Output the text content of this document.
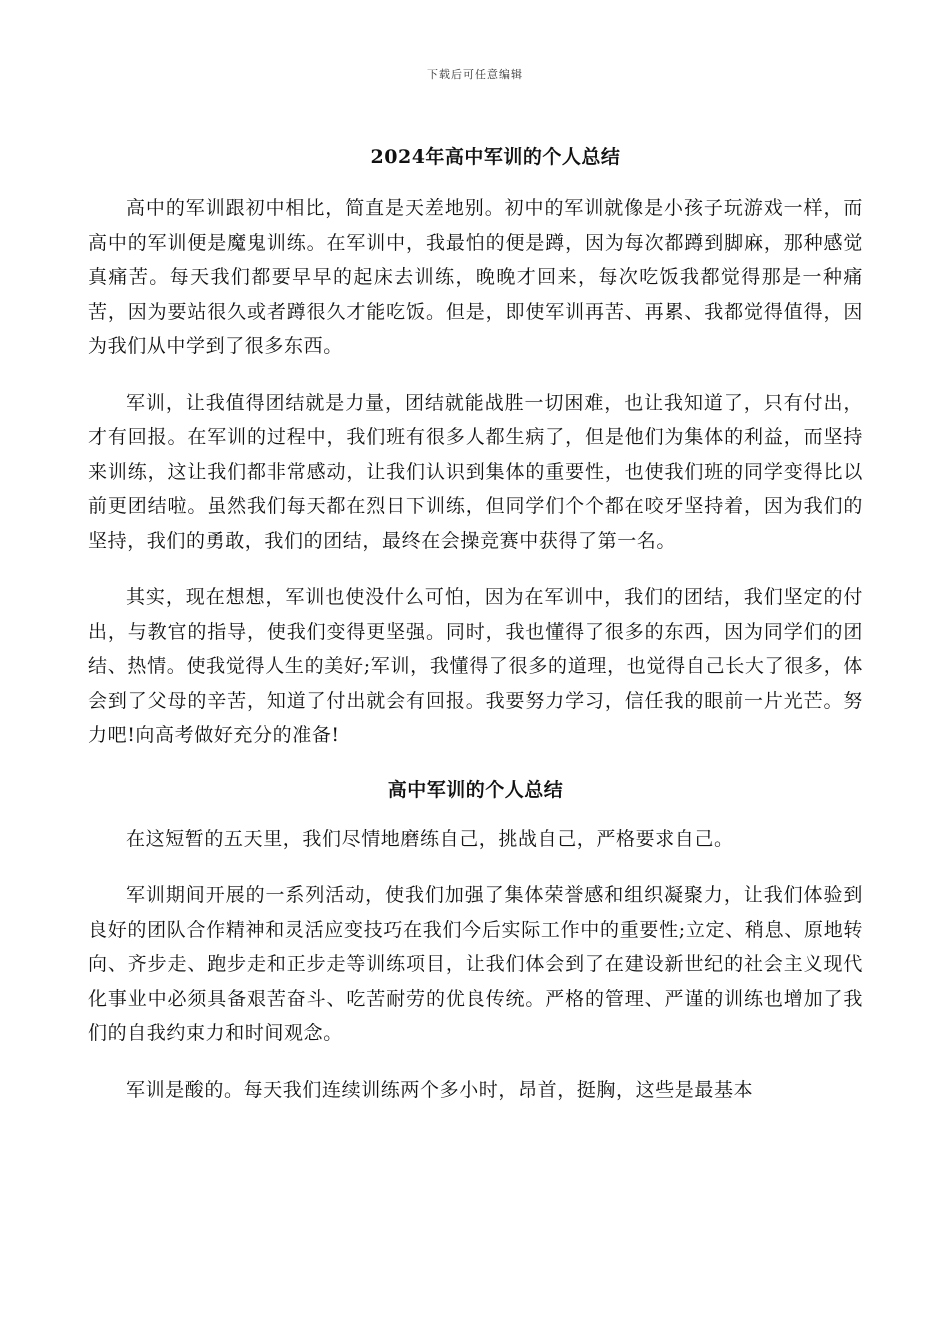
下载后可任意编辑
2024年高中军训的个人总结

高中的军训跟初中相比，简直是天差地别。初中的军训就像是小孩子玩游戏一样，而高中的军训便是魔鬼训练。在军训中，我最怕的便是蹲，因为每次都蹲到脚麻，那种感觉真痛苦。每天我们都要早早的起床去训练，晚晚才回来，每次吃饭我都觉得那是一种痛苦，因为要站很久或者蹲很久才能吃饭。但是，即使军训再苦、再累、我都觉得值得，因为我们从中学到了很多东西。

军训，让我值得团结就是力量，团结就能战胜一切困难，也让我知道了，只有付出，才有回报。在军训的过程中，我们班有很多人都生病了，但是他们为集体的利益，而坚持来训练，这让我们都非常感动，让我们认识到集体的重要性，也使我们班的同学变得比以前更团结啦。虽然我们每天都在烈日下训练，但同学们个个都在咬牙坚持着，因为我们的坚持，我们的勇敢，我们的团结，最终在会操竞赛中获得了第一名。

其实，现在想想，军训也使没什么可怕，因为在军训中，我们的团结，我们坚定的付出，与教官的指导，使我们变得更坚强。同时，我也懂得了很多的东西，因为同学们的团结、热情。使我觉得人生的美好;军训，我懂得了很多的道理，也觉得自己长大了很多，体会到了父母的辛苦，知道了付出就会有回报。我要努力学习，信任我的眼前一片光芒。努力吧!向高考做好充分的准备!

高中军训的个人总结

在这短暂的五天里，我们尽情地磨练自己，挑战自己，严格要求自己。

军训期间开展的一系列活动，使我们加强了集体荣誉感和组织凝聚力，让我们体验到良好的团队合作精神和灵活应变技巧在我们今后实际工作中的重要性;立定、稍息、原地转向、齐步走、跑步走和正步走等训练项目，让我们体会到了在建设新世纪的社会主义现代化事业中必须具备艰苦奋斗、吃苦耐劳的优良传统。严格的管理、严谨的训练也增加了我们的自我约束力和时间观念。

军训是酸的。每天我们连续训练两个多小时，昂首，挺胸，这些是最基本
